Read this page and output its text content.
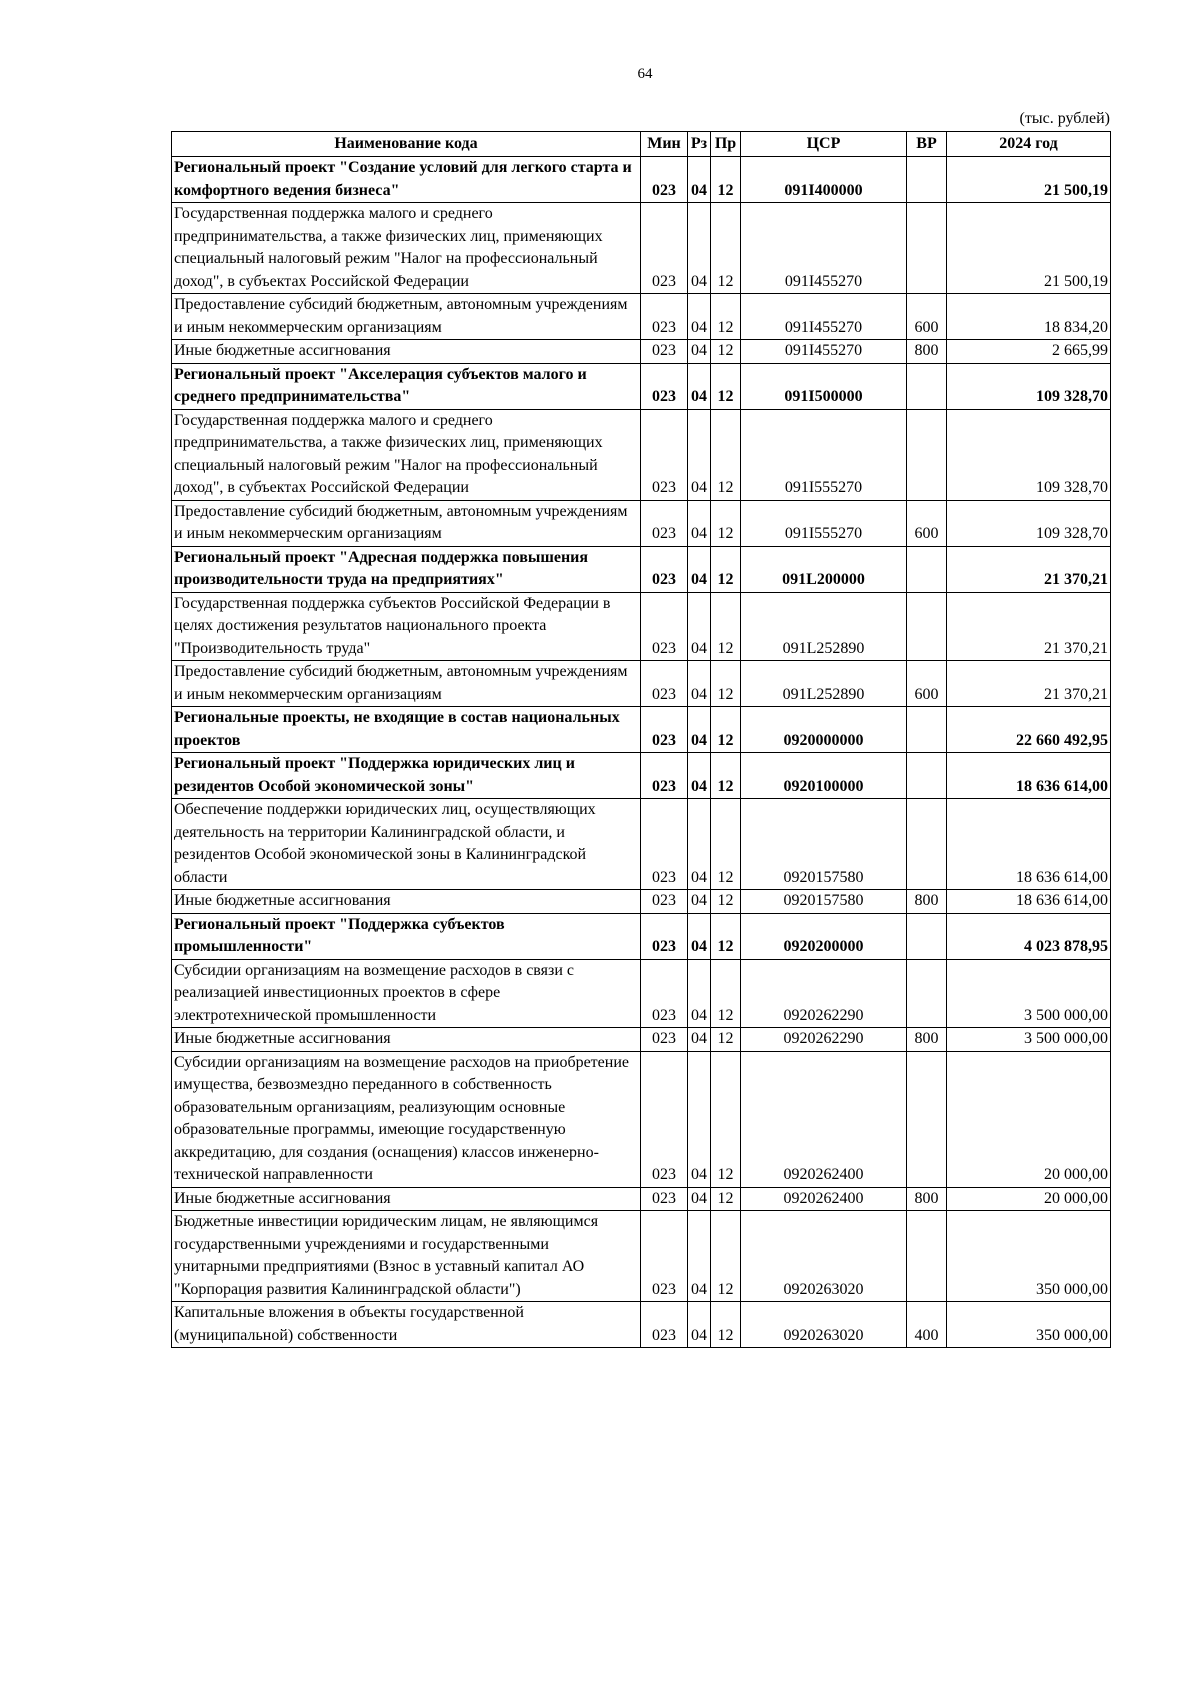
64
(тыс. рублей)
Наименование кода	Мин	Рз	Пр	ЦСР	ВР	2024 год
Региональный проект "Создание условий для легкого старта и комфортного ведения бизнеса"	023	04	12	091I400000		21 500,19
Государственная поддержка малого и среднего предпринимательства, а также физических лиц, применяющих специальный налоговый режим "Налог на профессиональный доход", в субъектах Российской Федерации	023	04	12	091I455270		21 500,19
Предоставление субсидий бюджетным, автономным учреждениям и иным некоммерческим организациям	023	04	12	091I455270	600	18 834,20
Иные бюджетные ассигнования	023	04	12	091I455270	800	2 665,99
Региональный проект "Акселерация субъектов малого и среднего предпринимательства"	023	04	12	091I500000		109 328,70
Государственная поддержка малого и среднего предпринимательства, а также физических лиц, применяющих специальный налоговый режим "Налог на профессиональный доход", в субъектах Российской Федерации	023	04	12	091I555270		109 328,70
Предоставление субсидий бюджетным, автономным учреждениям и иным некоммерческим организациям	023	04	12	091I555270	600	109 328,70
Региональный проект "Адресная поддержка повышения производительности труда на предприятиях"	023	04	12	091L200000		21 370,21
Государственная поддержка субъектов Российской Федерации в целях достижения результатов национального проекта "Производительность труда"	023	04	12	091L252890		21 370,21
Предоставление субсидий бюджетным, автономным учреждениям и иным некоммерческим организациям	023	04	12	091L252890	600	21 370,21
Региональные проекты, не входящие в состав национальных проектов	023	04	12	0920000000		22 660 492,95
Региональный проект "Поддержка юридических лиц и резидентов Особой экономической зоны"	023	04	12	0920100000		18 636 614,00
Обеспечение поддержки юридических лиц, осуществляющих деятельность на территории Калининградской области, и резидентов Особой экономической зоны в Калининградской области	023	04	12	0920157580		18 636 614,00
Иные бюджетные ассигнования	023	04	12	0920157580	800	18 636 614,00
Региональный проект "Поддержка субъектов промышленности"	023	04	12	0920200000		4 023 878,95
Субсидии организациям на возмещение расходов в связи с реализацией инвестиционных проектов в сфере электротехнической промышленности	023	04	12	0920262290		3 500 000,00
Иные бюджетные ассигнования	023	04	12	0920262290	800	3 500 000,00
Субсидии организациям на возмещение расходов на приобретение имущества, безвозмездно переданного в собственность образовательным организациям, реализующим основные образовательные программы, имеющие государственную аккредитацию, для создания (оснащения) классов инженерно-технической направленности	023	04	12	0920262400		20 000,00
Иные бюджетные ассигнования	023	04	12	0920262400	800	20 000,00
Бюджетные инвестиции юридическим лицам, не являющимся государственными учреждениями и государственными унитарными предприятиями (Взнос в уставный капитал АО "Корпорация развития Калининградской области")	023	04	12	0920263020		350 000,00
Капитальные вложения в объекты государственной (муниципальной) собственности	023	04	12	0920263020	400	350 000,00
